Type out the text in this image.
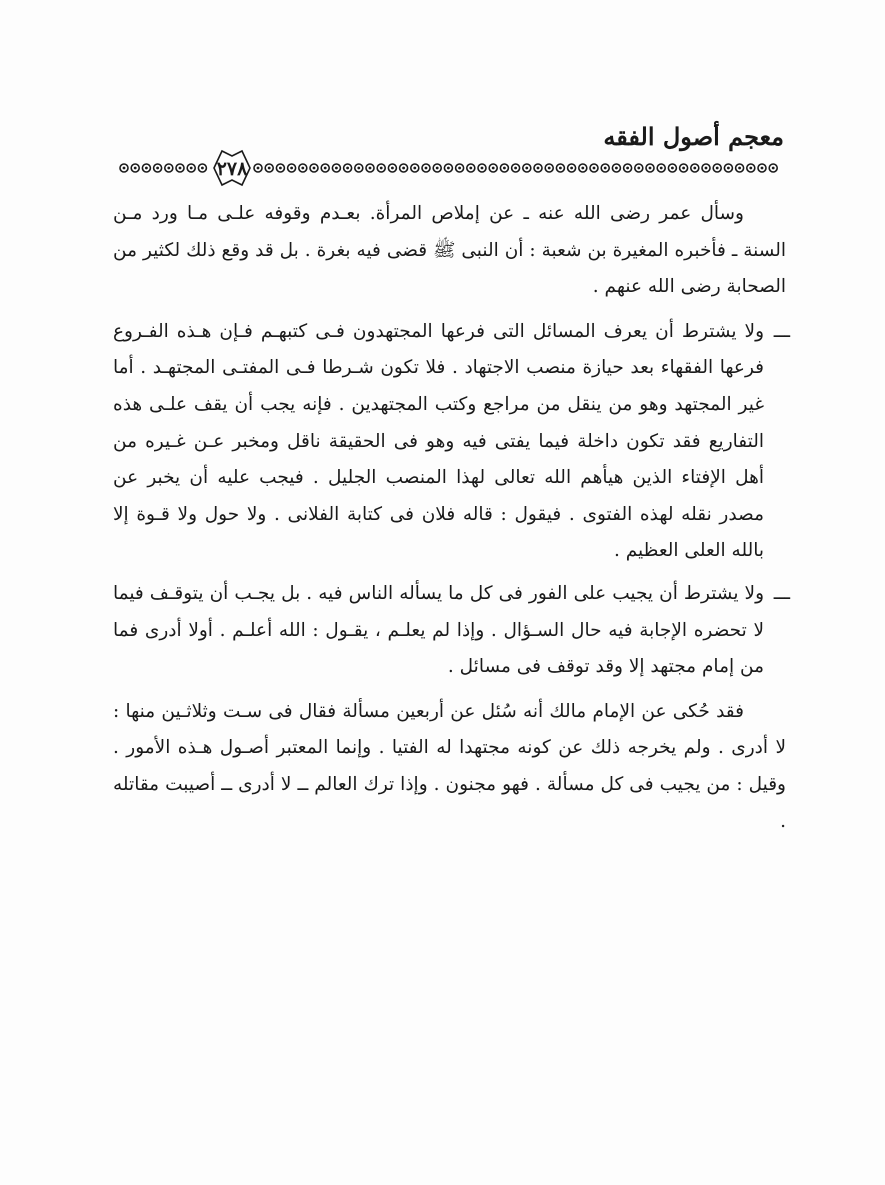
معجم أصول الفقه
٢٧٨

وسأل عمر رضى الله عنه ـ عن إملاص المرأة. بعـدم وقوفه علـى مـا ورد مـن السنة ـ فأخبره المغيرة بن شعبة : أن النبى ﷺ قضى فيه بغرة . بل قد وقع ذلك لكثير من الصحابة رضى الله عنهم .

ـــ
ولا يشترط أن يعرف المسائل التى فرعها المجتهدون فـى كتبهـم فـإن هـذه الفـروع فرعها الفقهاء بعد حيازة منصب الاجتهاد . فلا تكون شـرطا فـى المفتـى المجتهـد . أما غير المجتهد وهو من ينقل من مراجع وكتب المجتهدين . فإنه يجب أن يقف علـى هذه التفاريع فقد تكون داخلة فيما يفتى فيه وهو فى الحقيقة ناقل ومخبر عـن غـيره من أهل الإفتاء الذين هيأهم الله تعالى لهذا المنصب الجليل . فيجب عليه أن يخبر عن مصدر نقله لهذه الفتوى . فيقول : قاله فلان فى كتابة الفلانى . ولا حول ولا قـوة إلا بالله العلى العظيم .

ـــ
ولا يشترط أن يجيب على الفور فى كل ما يسأله الناس فيه . بل يجـب أن يتوقـف فيما لا تحضره الإجابة فيه حال السـؤال . وإذا لم يعلـم ، يقـول : الله أعلـم . أولا أدرى فما من إمام مجتهد إلا وقد توقف فى مسائل .

فقد حُكى عن الإمام مالك أنه سُئل عن أربعين مسألة فقال فى سـت وثلاثـين منها : لا أدرى . ولم يخرجه ذلك عن كونه مجتهدا له الفتيا . وإنما المعتبر أصـول هـذه الأمور . وقيل : من يجيب فى كل مسألة . فهو مجنون . وإذا ترك العالم ــ لا أدرى ــ أصيبت مقاتله .
